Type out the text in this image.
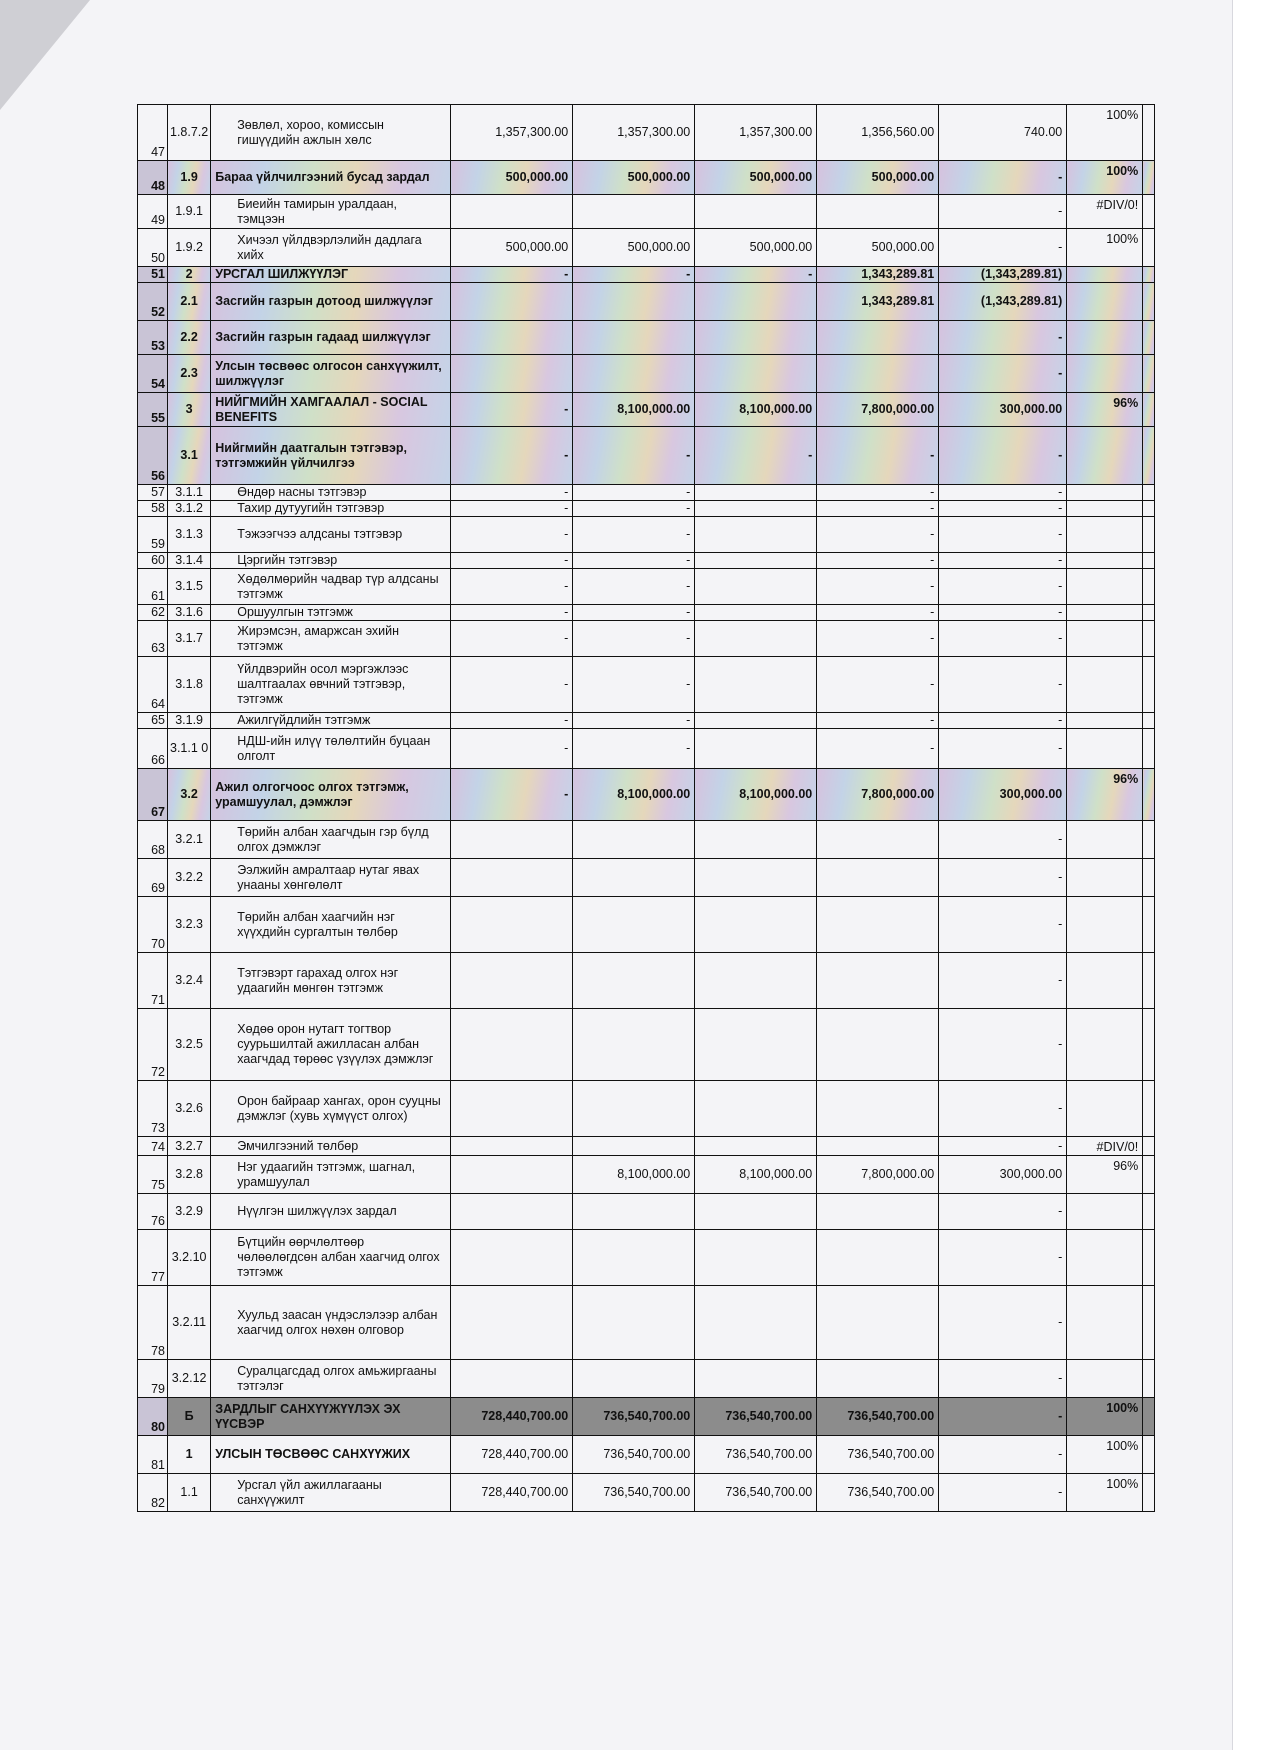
47	1.8.7.2	Зөвлөл, хороо, комиссын гишүүдийн ажлын хөлс	1,357,300.00	1,357,300.00	1,357,300.00	1,356,560.00	740.00	100%	
48	1.9	Бараа үйлчилгээний бусад зардал	500,000.00	500,000.00	500,000.00	500,000.00	-	100%	
49	1.9.1	Биеийн тамирын уралдаан, тэмцээн					-	#DIV/0!	
50	1.9.2	Хичээл үйлдвэрлэлийн дадлага хийх	500,000.00	500,000.00	500,000.00	500,000.00	-	100%	
51	2	УРСГАЛ ШИЛЖҮҮЛЭГ	-	-	-	1,343,289.81	(1,343,289.81)		
52	2.1	Засгийн газрын дотоод шилжүүлэг				1,343,289.81	(1,343,289.81)		
53	2.2	Засгийн газрын гадаад шилжүүлэг					-		
54	2.3	Улсын төсвөөс олгосон санхүүжилт, шилжүүлэг					-		
55	3	НИЙГМИЙН ХАМГААЛАЛ - SOCIAL BENEFITS	-	8,100,000.00	8,100,000.00	7,800,000.00	300,000.00	96%	
56	3.1	Нийгмийн даатгалын тэтгэвэр, тэтгэмжийн үйлчилгээ	-	-	-	-	-		
57	3.1.1	Өндөр насны тэтгэвэр	-	-		-	-		
58	3.1.2	Тахир дутуугийн тэтгэвэр	-	-		-	-		
59	3.1.3	Тэжээгчээ алдсаны тэтгэвэр	-	-		-	-		
60	3.1.4	Цэргийн тэтгэвэр	-	-		-	-		
61	3.1.5	Хөдөлмөрийн чадвар түр алдсаны тэтгэмж	-	-		-	-		
62	3.1.6	Оршуулгын тэтгэмж	-	-		-	-		
63	3.1.7	Жирэмсэн, амаржсан эхийн тэтгэмж	-	-		-	-		
64	3.1.8	Үйлдвэрийн осол мэргэжлээс шалтгаалах өвчний тэтгэвэр, тэтгэмж	-	-		-	-		
65	3.1.9	Ажилгүйдлийн тэтгэмж	-	-		-	-		
66	3.1.1 0	НДШ-ийн илүү төлөлтийн буцаан олголт	-	-		-	-		
67	3.2	Ажил олгогчоос олгох тэтгэмж, урамшуулал, дэмжлэг	-	8,100,000.00	8,100,000.00	7,800,000.00	300,000.00	96%	
68	3.2.1	Төрийн албан хаагчдын гэр бүлд олгох дэмжлэг					-		
69	3.2.2	Ээлжийн амралтаар нутаг явах унааны хөнгөлөлт					-		
70	3.2.3	Төрийн албан хаагчийн нэг хүүхдийн сургалтын төлбөр					-		
71	3.2.4	Тэтгэвэрт гарахад олгох нэг удаагийн мөнгөн тэтгэмж					-		
72	3.2.5	Хөдөө орон нутагт тогтвор суурьшилтай ажилласан албан хаагчдад төрөөс үзүүлэх дэмжлэг					-		
73	3.2.6	Орон байраар хангах, орон сууцны дэмжлэг (хувь хүмүүст олгох)					-		
74	3.2.7	Эмчилгээний төлбөр					-	#DIV/0!	
75	3.2.8	Нэг удаагийн тэтгэмж, шагнал, урамшуулал		8,100,000.00	8,100,000.00	7,800,000.00	300,000.00	96%	
76	3.2.9	Нүүлгэн шилжүүлэх зардал					-		
77	3.2.10	Бүтцийн өөрчлөлтөөр чөлөөлөгдсөн албан хаагчид олгох тэтгэмж					-		
78	3.2.11	Хуульд заасан үндэслэлээр албан хаагчид олгох нөхөн олговор					-		
79	3.2.12	Суралцагсдад олгох амьжиргааны тэтгэлэг					-		
80	Б	ЗАРДЛЫГ САНХҮҮЖҮҮЛЭХ ЭХ ҮҮСВЭР	728,440,700.00	736,540,700.00	736,540,700.00	736,540,700.00	-	100%	
81	1	УЛСЫН ТӨСВӨӨС САНХҮҮЖИХ	728,440,700.00	736,540,700.00	736,540,700.00	736,540,700.00	-	100%	
82	1.1	Урсгал үйл ажиллагааны санхүүжилт	728,440,700.00	736,540,700.00	736,540,700.00	736,540,700.00	-	100%	
